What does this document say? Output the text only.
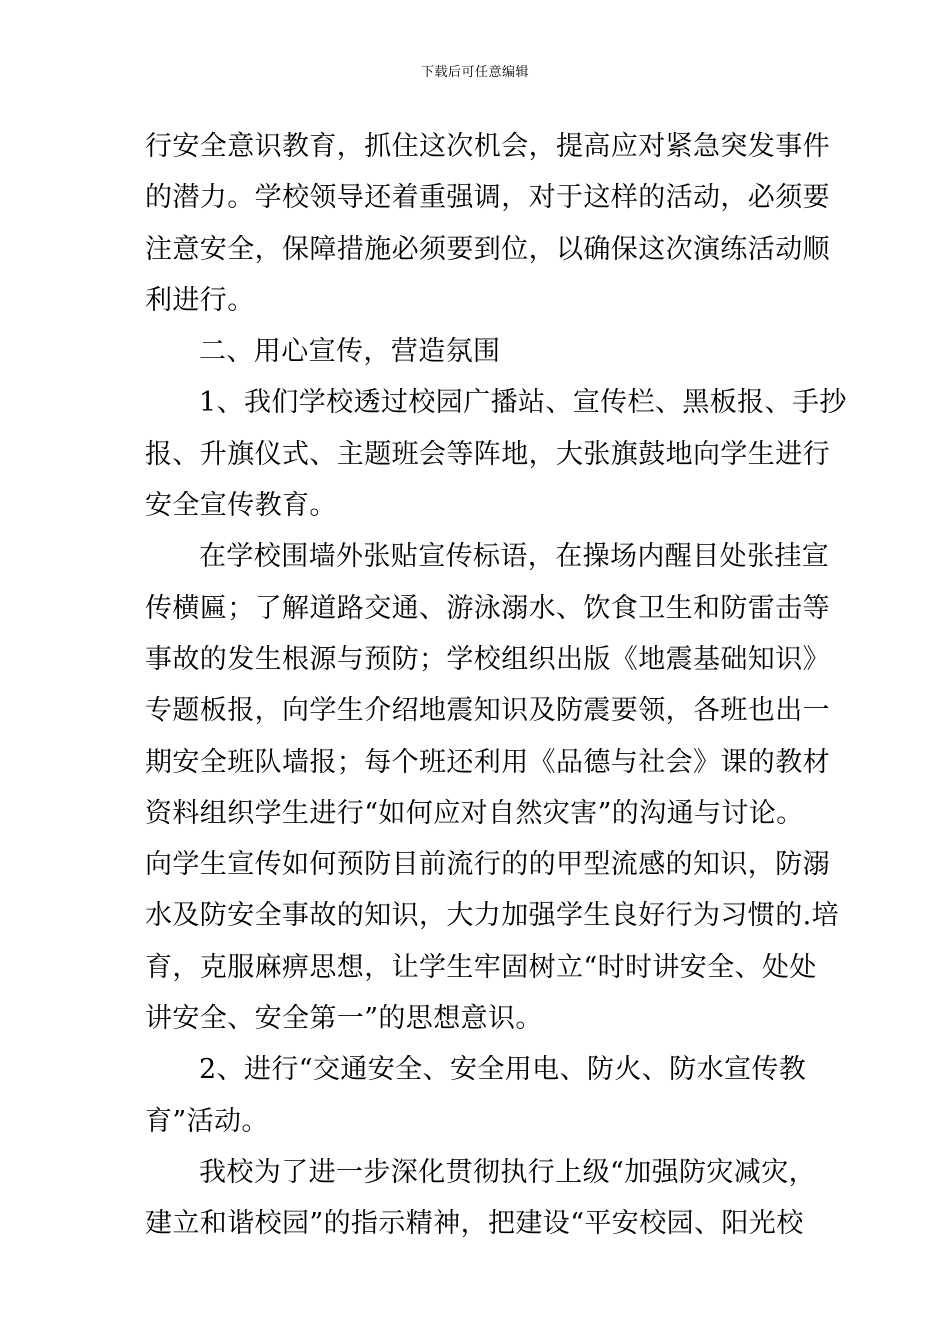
下载后可任意编辑
行安全意识教育，抓住这次机会，提高应对紧急突发事件
的潜力。学校领导还着重强调，对于这样的活动，必须要
注意安全，保障措施必须要到位，以确保这次演练活动顺
利进行。
二、用心宣传，营造氛围
1、我们学校透过校园广播站、宣传栏、黑板报、手抄
报、升旗仪式、主题班会等阵地，大张旗鼓地向学生进行
安全宣传教育。
在学校围墙外张贴宣传标语，在操场内醒目处张挂宣
传横匾；了解道路交通、游泳溺水、饮食卫生和防雷击等
事故的发生根源与预防；学校组织出版《地震基础知识》
专题板报，向学生介绍地震知识及防震要领，各班也出一
期安全班队墙报；每个班还利用《品德与社会》课的教材
资料组织学生进行“如何应对自然灾害”的沟通与讨论。
向学生宣传如何预防目前流行的的甲型流感的知识，防溺
水及防安全事故的知识，大力加强学生良好行为习惯的.培
育，克服麻痹思想，让学生牢固树立“时时讲安全、处处
讲安全、安全第一”的思想意识。
2、进行“交通安全、安全用电、防火、防水宣传教
育”活动。
我校为了进一步深化贯彻执行上级“加强防灾减灾，
建立和谐校园”的指示精神，把建设“平安校园、阳光校
